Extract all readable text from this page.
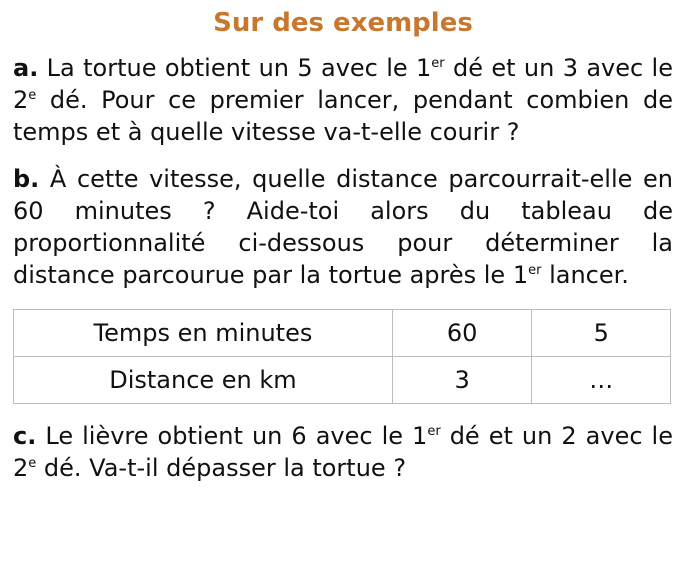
Sur des exemples

a. La tortue obtient un 5 avec le 1er dé et un 3 avec le 2e dé. Pour ce premier lancer, pendant combien de temps et à quelle vitesse va-t-elle courir ?

b. À cette vitesse, quelle distance parcourrait-elle en 60 minutes ? Aide-toi alors du tableau de proportionnalité ci-dessous pour déterminer la distance parcourue par la tortue après le 1er lancer.

Temps en minutes	60	5
Distance en km	3	…

c. Le lièvre obtient un 6 avec le 1er dé et un 2 avec le 2e dé. Va-t-il dépasser la tortue ?
